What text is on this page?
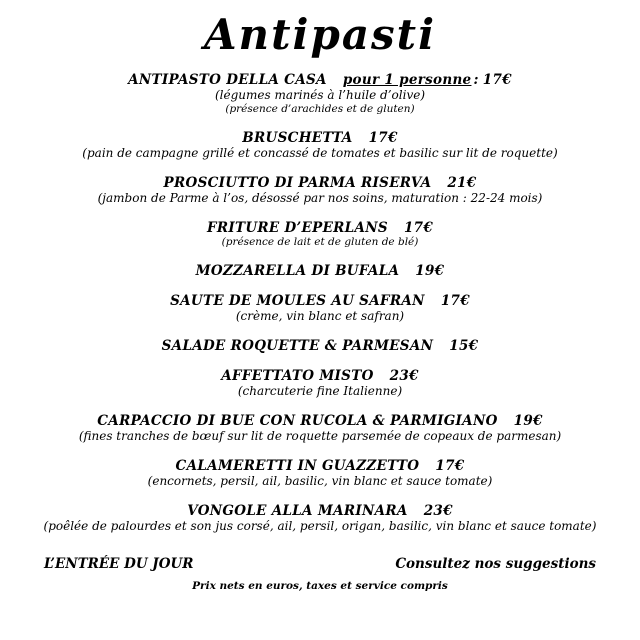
Antipasti
ANTIPASTO DELLA CASA pour 1 personne : 17€
(légumes marinés à l’huile d’olive)
(présence d’arachides et de gluten)
BRUSCHETTA 17€
(pain de campagne grillé et concassé de tomates et basilic sur lit de roquette)
PROSCIUTTO DI PARMA RISERVA 21€
(jambon de Parme à l’os, désossé par nos soins, maturation : 22-24 mois)
FRITURE D’EPERLANS 17€
(présence de lait et de gluten de blé)
MOZZARELLA DI BUFALA 19€
SAUTE DE MOULES AU SAFRAN 17€
(crème, vin blanc et safran)
SALADE ROQUETTE & PARMESAN 15€
AFFETTATO MISTO 23€
(charcuterie fine Italienne)
CARPACCIO DI BUE CON RUCOLA & PARMIGIANO 19€
(fines tranches de bœuf sur lit de roquette parsemée de copeaux de parmesan)
CALAMERETTI IN GUAZZETTO 17€
(encornets, persil, ail, basilic, vin blanc et sauce tomate)
VONGOLE ALLA MARINARA 23€
(poêlée de palourdes et son jus corsé, ail, persil, origan, basilic, vin blanc et sauce tomate)
L’ENTRÉE DU JOUR	Consultez nos suggestions
Prix nets en euros, taxes et service compris
